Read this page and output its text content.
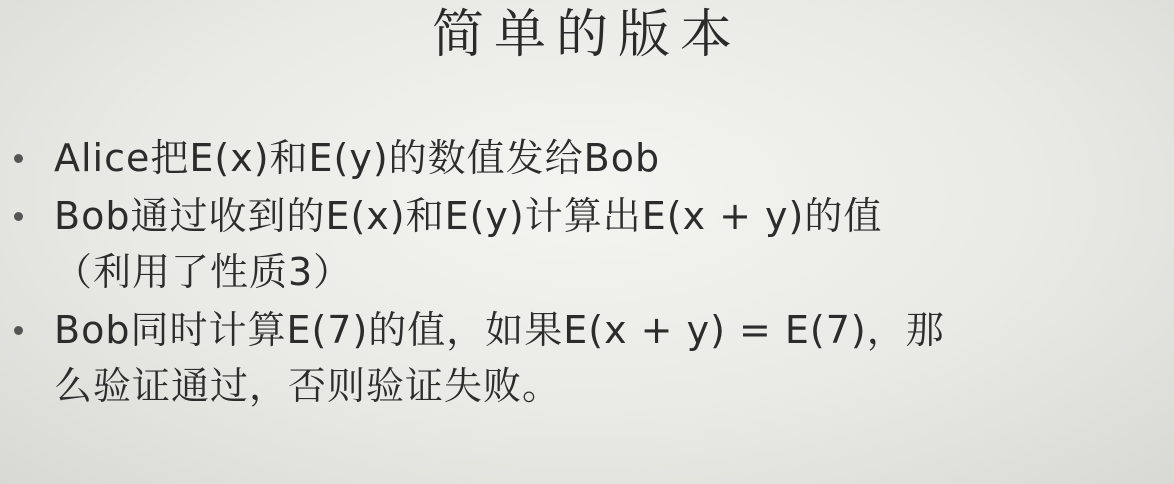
简单的版本
Alice把E(x)和E(y)的数值发给Bob
Bob通过收到的E(x)和E(y)计算出E(x + y)的值
（利用了性质3）
Bob同时计算E(7)的值，如果E(x + y) = E(7)，那
么验证通过，否则验证失败。
